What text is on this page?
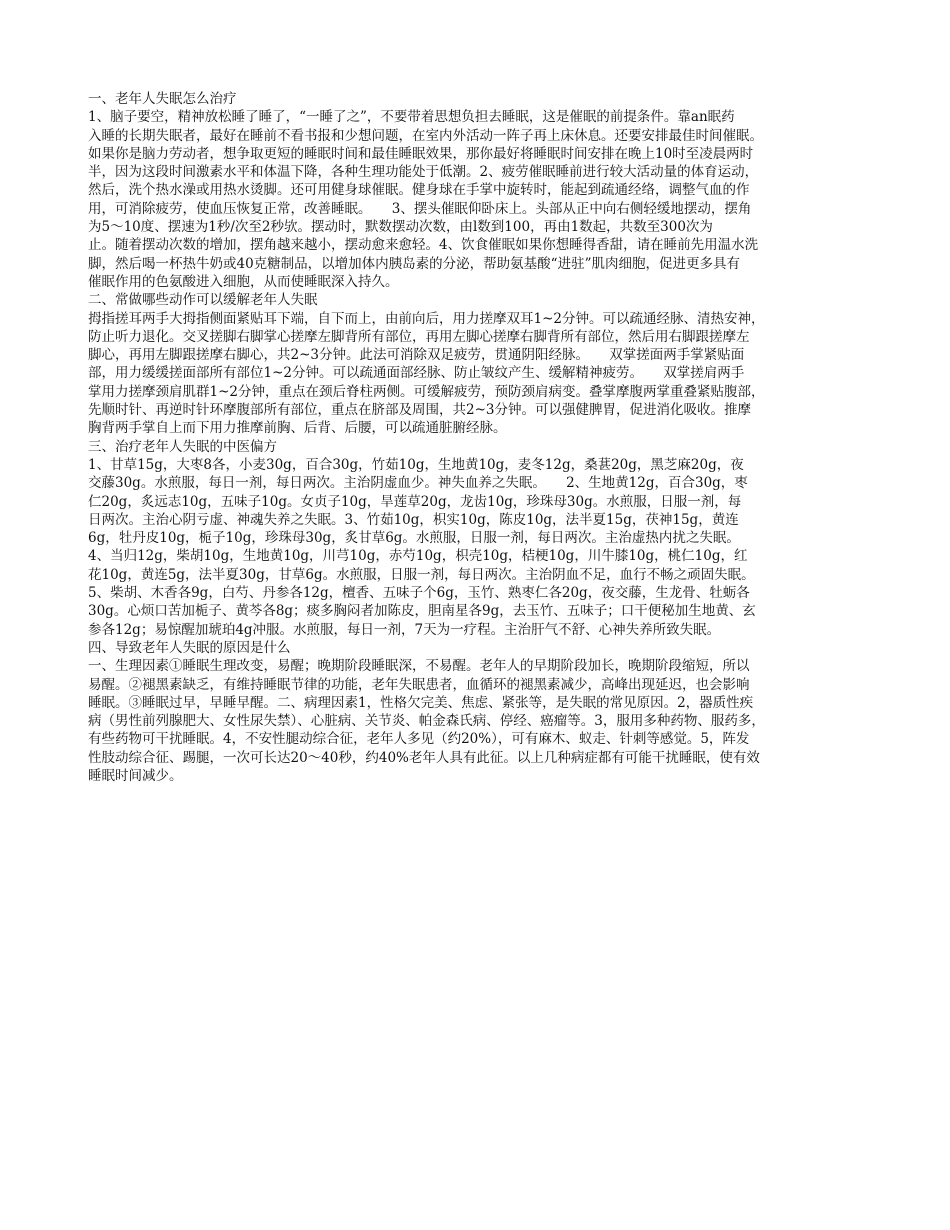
一、老年人失眠怎么治疗
1、脑子要空，精神放松睡了睡了，“一睡了之”，不要带着思想负担去睡眠，这是催眠的前提条件。靠an眠药
入睡的长期失眠者，最好在睡前不看书报和少想问题，在室内外活动一阵子再上床休息。还要安排最佳时间催眠。
如果你是脑力劳动者，想争取更短的睡眠时间和最佳睡眠效果，那你最好将睡眠时间安排在晚上10时至凌晨两时
半，因为这段时间激素水平和体温下降，各种生理功能处于低潮。2、疲劳催眠睡前进行较大活动量的体育运动，
然后，洗个热水澡或用热水烫脚。还可用健身球催眠。健身球在手掌中旋转时，能起到疏通经络，调整气血的作
用，可消除疲劳，使血压恢复正常，改善睡眠。　　3、摆头催眠仰卧床上。头部从正中向右侧轻缓地摆动，摆角
为5～10度、摆速为1秒/次至2秒欤。摆动时，默数摆动次数，由l数到100，再由1数起，共数至300次为
止。随着摆动次数的增加，摆角越来越小，摆动愈来愈轻。4、饮食催眠如果你想睡得香甜，请在睡前先用温水洗
脚，然后喝一杯热牛奶或40克糖制品，以增加体内胰岛素的分泌，帮助氨基酸“进驻”肌肉细胞，促进更多具有
催眠作用的色氨酸进入细胞，从而使睡眠深入持久。
二、常做哪些动作可以缓解老年人失眠
拇指搓耳两手大拇指侧面紧贴耳下端，自下而上，由前向后，用力搓摩双耳1~2分钟。可以疏通经脉、清热安神，
防止听力退化。交叉搓脚右脚掌心搓摩左脚背所有部位，再用左脚心搓摩右脚背所有部位，然后用右脚跟搓摩左
脚心，再用左脚跟搓摩右脚心，共2~3分钟。此法可消除双足疲劳，贯通阴阳经脉。　　双掌搓面两手掌紧贴面
部，用力缓缓搓面部所有部位1~2分钟。可以疏通面部经脉、防止皱纹产生、缓解精神疲劳。　　双掌搓肩两手
掌用力搓摩颈肩肌群1~2分钟，重点在颈后脊柱两侧。可缓解疲劳，预防颈肩病变。叠掌摩腹两掌重叠紧贴腹部，
先顺时针、再逆时针环摩腹部所有部位，重点在脐部及周围，共2~3分钟。可以强健脾胃，促进消化吸收。推摩
胸背两手掌自上而下用力推摩前胸、后背、后腰，可以疏通脏腑经脉。
三、治疗老年人失眠的中医偏方
1、甘草15g，大枣8各，小麦30g，百合30g，竹茹10g，生地黄10g，麦冬12g，桑葚20g，黑芝麻20g，夜
交藤30g。水煎服，每日一剂，每日两次。主治阴虚血少。神失血养之失眠。　　2、生地黄12g，百合30g，枣
仁20g，炙远志10g，五味子10g。女贞子10g，旱莲草20g，龙齿10g，珍珠母30g。水煎服，日服一剂，每
日两次。主治心阴亏虚、神魂失养之失眠。3、竹茹10g，枳实10g，陈皮10g，法半夏15g，茯神15g，黄连
6g，牡丹皮10g，栀子10g，珍珠母30g，炙甘草6g。水煎服，日服一剂，每日两次。主治虚热内扰之失眠。
4、当归12g，柴胡10g，生地黄10g，川芎10g，赤芍10g，枳壳10g，桔梗10g，川牛膝10g，桃仁10g，红
花10g，黄连5g，法半夏30g，甘草6g。水煎服，日服一剂，每日两次。主治阴血不足，血行不畅之顽固失眠。
5、柴胡、木香各9g，白芍、丹参各12g，檀香、五味子个6g，玉竹、熟枣仁各20g，夜交藤，生龙骨、牡蛎各
30g。心烦口苦加栀子、黄芩各8g；痰多胸闷者加陈皮，胆南星各9g，去玉竹、五味子；口干便秘加生地黄、玄
参各12g；易惊醒加琥珀4g冲服。水煎服，每日一剂，7天为一疗程。主治肝气不舒、心神失养所致失眠。
四、导致老年人失眠的原因是什么
一、生理因素①睡眠生理改变，易醒；晚期阶段睡眠深，不易醒。老年人的早期阶段加长，晚期阶段缩短，所以
易醒。②褪黑素缺乏，有维持睡眠节律的功能，老年失眠患者，血循环的褪黑素减少，高峰出现延迟，也会影响
睡眠。③睡眠过早，早睡早醒。二、病理因素1，性格欠完美、焦虑、紧张等，是失眠的常见原因。2，器质性疾
病（男性前列腺肥大、女性尿失禁）、心脏病、关节炎、帕金森氏病、停经、癌瘤等。3，服用多种药物、服药多，
有些药物可干扰睡眠。4，不安性腿动综合征，老年人多见（约20%），可有麻木、蚁走、针刺等感觉。5，阵发
性肢动综合征、踢腿，一次可长达20～40秒，约40%老年人具有此征。以上几种病症都有可能干扰睡眠，使有效
睡眠时间减少。
